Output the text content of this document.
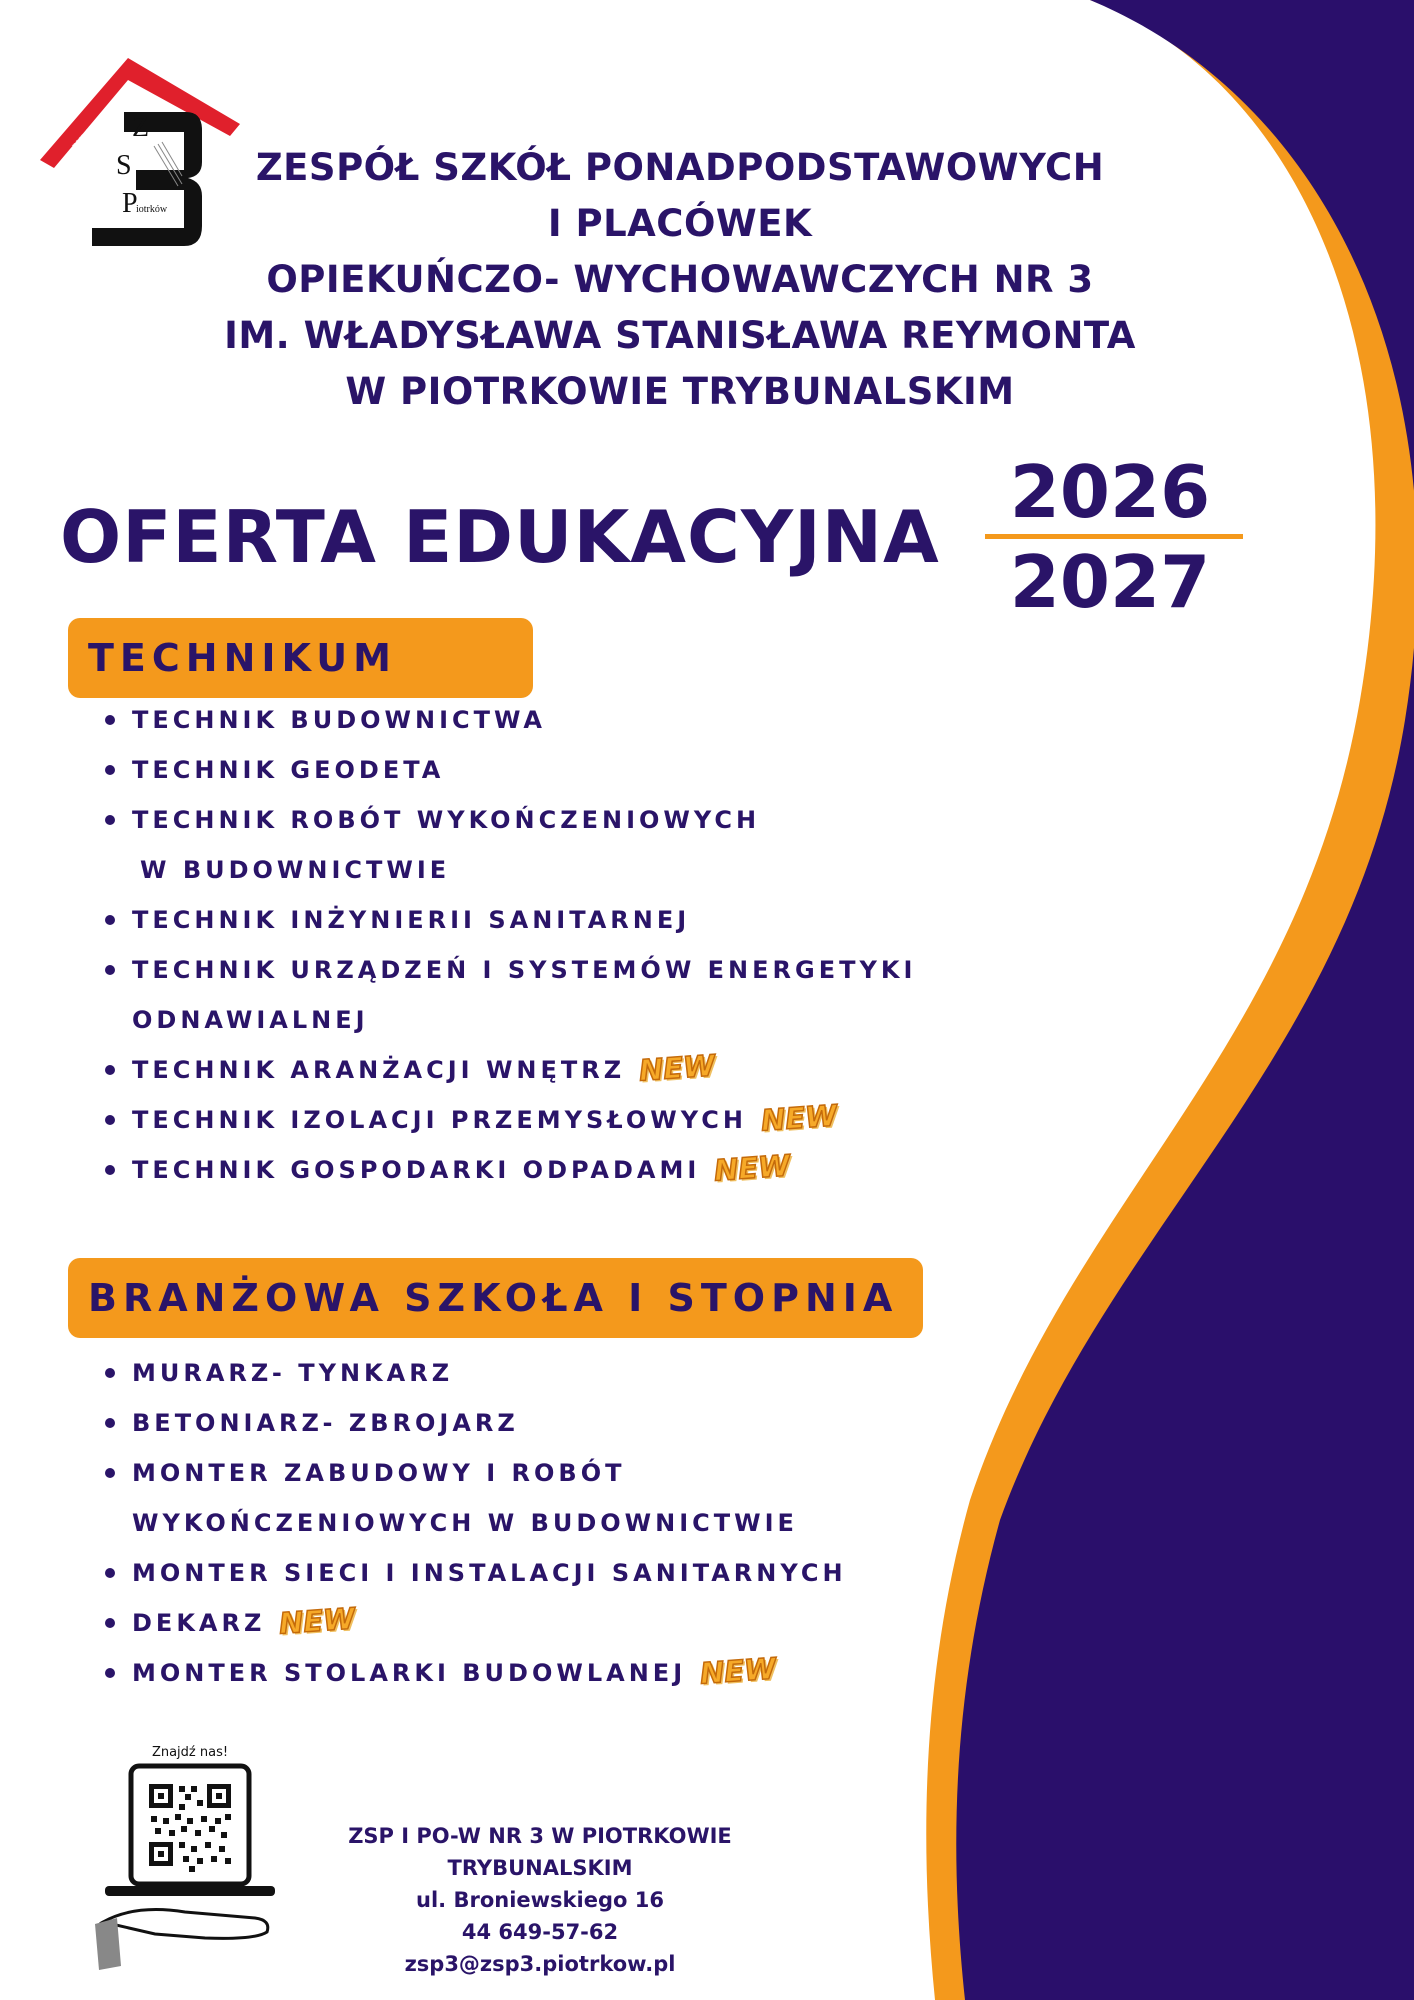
BUDOWLANKA Z
S
P
iotrków
ZESPÓŁ SZKÓŁ PONADPODSTAWOWYCH
I PLACÓWEK
OPIEKUŃCZO- WYCHOWAWCZYCH NR 3
IM. WŁADYSŁAWA STANISŁAWA REYMONTA
W PIOTRKOWIE TRYBUNALSKIM
OFERTA EDUKACYJNA
2026
2027
TECHNIKUM
TECHNIK BUDOWNICTWA
TECHNIK GEODETA
TECHNIK ROBÓT WYKOŃCZENIOWYCH
W BUDOWNICTWIE
TECHNIK INŻYNIERII SANITARNEJ
TECHNIK URZĄDZEŃ I SYSTEMÓW ENERGETYKI
ODNAWIALNEJ
TECHNIK ARANŻACJI WNĘTRZ NEW
TECHNIK IZOLACJI PRZEMYSŁOWYCH NEW
TECHNIK GOSPODARKI ODPADAMI NEW
BRANŻOWA SZKOŁA I STOPNIA
MURARZ- TYNKARZ
BETONIARZ- ZBROJARZ
MONTER ZABUDOWY I ROBÓT
WYKOŃCZENIOWYCH W BUDOWNICTWIE
MONTER SIECI I INSTALACJI SANITARNYCH
DEKARZ NEW
MONTER STOLARKI BUDOWLANEJ NEW
Znajdź nas!
ZSP I PO-W NR 3 W PIOTRKOWIE TRYBUNALSKIM
ul. Broniewskiego 16
44 649-57-62
zsp3@zsp3.piotrkow.pl
